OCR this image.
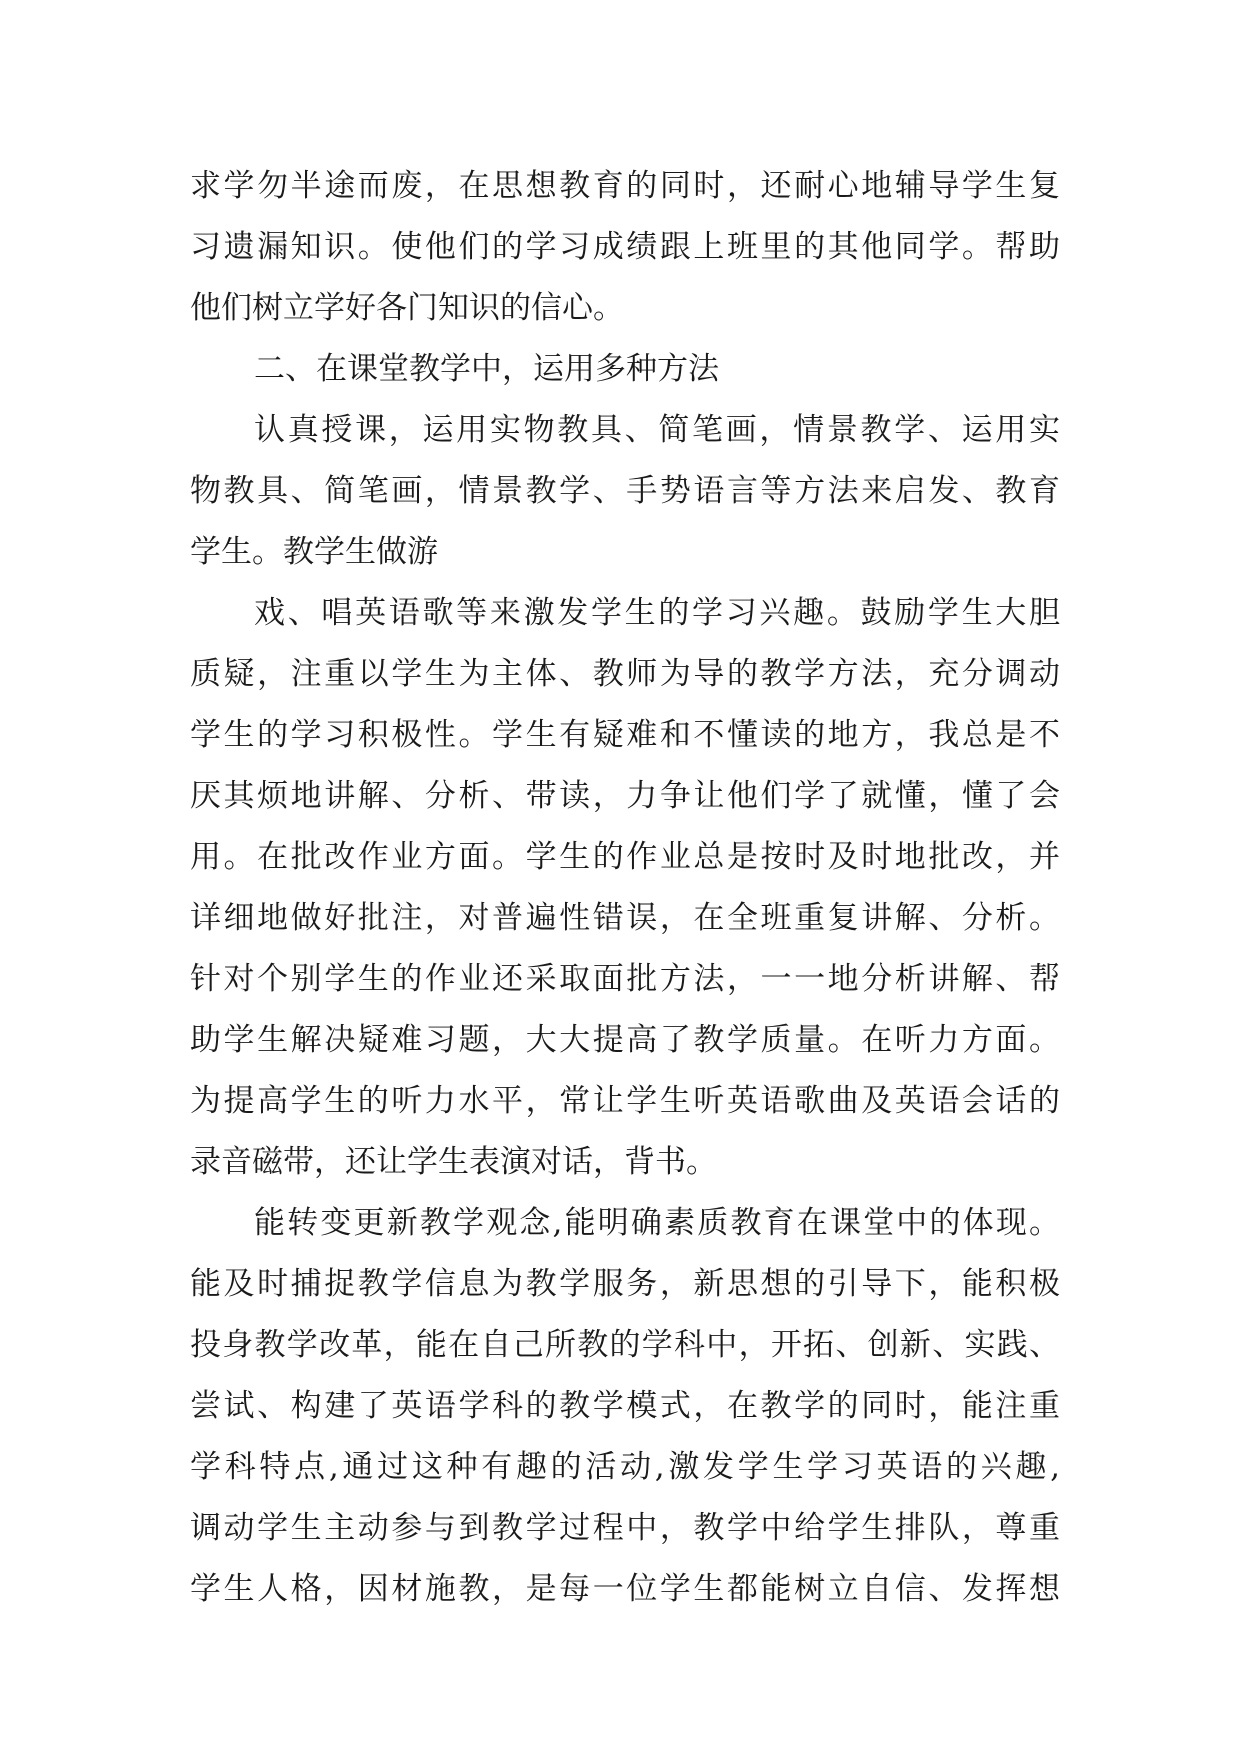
求学勿半途而废，在思想教育的同时，还耐心地辅导学生复
习遗漏知识。使他们的学习成绩跟上班里的其他同学。帮助
他们树立学好各门知识的信心。
二、在课堂教学中，运用多种方法
认真授课，运用实物教具、简笔画，情景教学、运用实
物教具、简笔画，情景教学、手势语言等方法来启发、教育
学生。教学生做游
戏、唱英语歌等来激发学生的学习兴趣。鼓励学生大胆
质疑，注重以学生为主体、教师为导的教学方法，充分调动
学生的学习积极性。学生有疑难和不懂读的地方，我总是不
厌其烦地讲解、分析、带读，力争让他们学了就懂，懂了会
用。在批改作业方面。学生的作业总是按时及时地批改，并
详细地做好批注，对普遍性错误，在全班重复讲解、分析。
针对个别学生的作业还采取面批方法，一一地分析讲解、帮
助学生解决疑难习题，大大提高了教学质量。在听力方面。
为提高学生的听力水平，常让学生听英语歌曲及英语会话的
录音磁带，还让学生表演对话，背书。
能转变更新教学观念,能明确素质教育在课堂中的体现。
能及时捕捉教学信息为教学服务，新思想的引导下，能积极
投身教学改革，能在自己所教的学科中，开拓、创新、实践、
尝试、构建了英语学科的教学模式，在教学的同时，能注重
学科特点,通过这种有趣的活动,激发学生学习英语的兴趣,
调动学生主动参与到教学过程中，教学中给学生排队，尊重
学生人格，因材施教，是每一位学生都能树立自信、发挥想
